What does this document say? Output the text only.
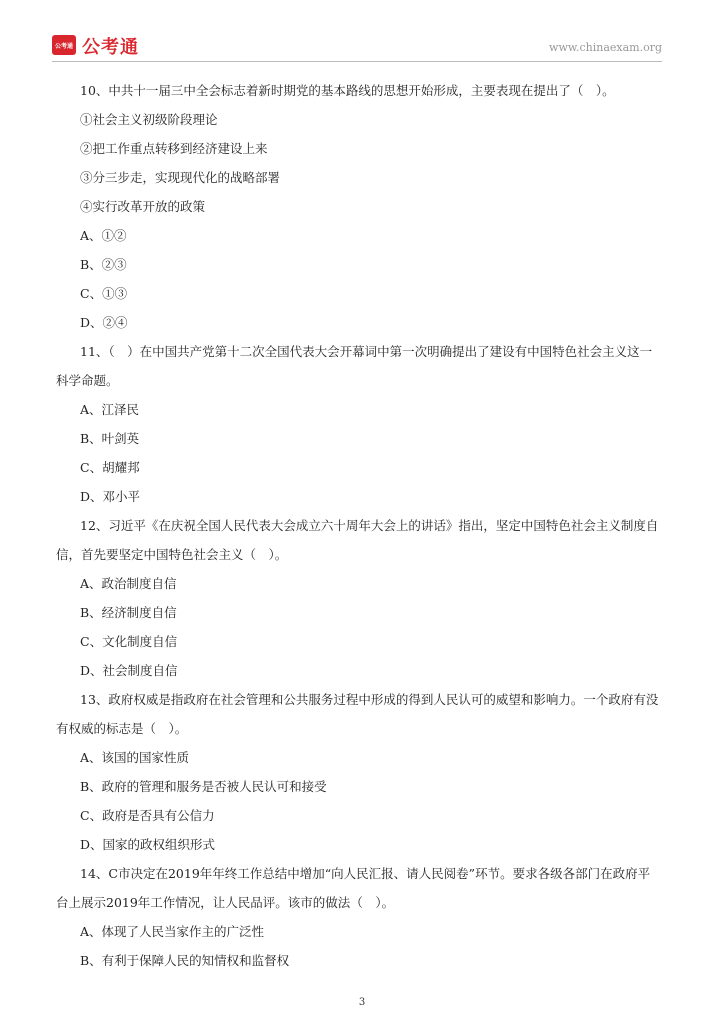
公考通 公考通	www.chinaexam.org
10、中共十一届三中全会标志着新时期党的基本路线的思想开始形成，主要表现在提出了（　）。
①社会主义初级阶段理论
②把工作重点转移到经济建设上来
③分三步走，实现现代化的战略部署
④实行改革开放的政策
A、①②
B、②③
C、①③
D、②④
11、（　）在中国共产党第十二次全国代表大会开幕词中第一次明确提出了建设有中国特色社会主义这一
科学命题。
A、江泽民
B、叶剑英
C、胡耀邦
D、邓小平
12、习近平《在庆祝全国人民代表大会成立六十周年大会上的讲话》指出，坚定中国特色社会主义制度自
信，首先要坚定中国特色社会主义（　）。
A、政治制度自信
B、经济制度自信
C、文化制度自信
D、社会制度自信
13、政府权威是指政府在社会管理和公共服务过程中形成的得到人民认可的威望和影响力。一个政府有没
有权威的标志是（　）。
A、该国的国家性质
B、政府的管理和服务是否被人民认可和接受
C、政府是否具有公信力
D、国家的政权组织形式
14、C市决定在2019年年终工作总结中增加“向人民汇报、请人民阅卷”环节。要求各级各部门在政府平
台上展示2019年工作情况，让人民品评。该市的做法（　）。
A、体现了人民当家作主的广泛性
B、有利于保障人民的知情权和监督权
3
